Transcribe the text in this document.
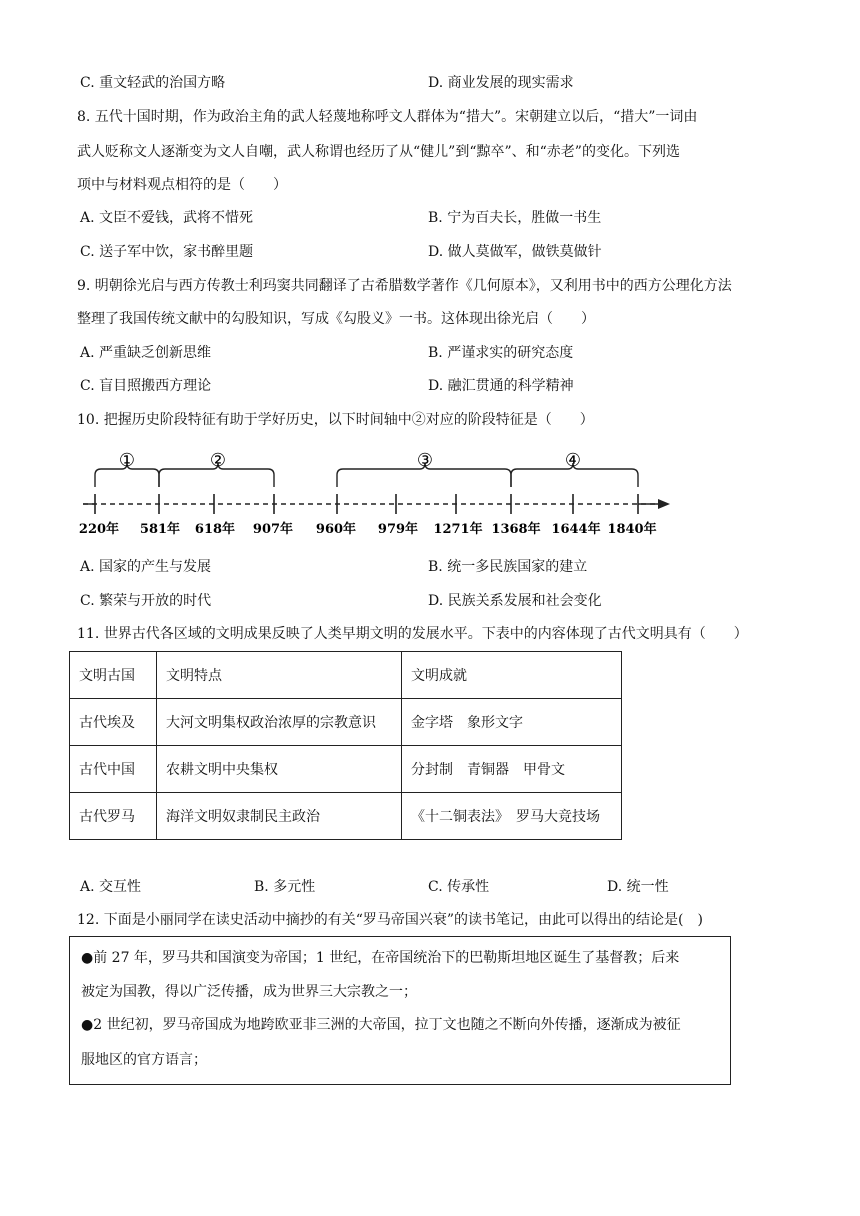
C. 重文轻武的治国方略	D. 商业发展的现实需求
8. 五代十国时期，作为政治主角的武人轻蔑地称呼文人群体为“措大”。宋朝建立以后，“措大”一词由
武人贬称文人逐渐变为文人自嘲，武人称谓也经历了从“健儿”到“黥卒”、和“赤老”的变化。下列选
项中与材料观点相符的是（　　）
A. 文臣不爱钱，武将不惜死	B. 宁为百夫长，胜做一书生
C. 送子军中饮，家书醉里题	D. 做人莫做军，做铁莫做针
9. 明朝徐光启与西方传教士利玛窦共同翻译了古希腊数学著作《几何原本》，又利用书中的西方公理化方法
整理了我国传统文献中的勾股知识，写成《勾股义》一书。这体现出徐光启（　　）
A. 严重缺乏创新思维	B. 严谨求实的研究态度
C. 盲目照搬西方理论	D. 融汇贯通的科学精神
10. 把握历史阶段特征有助于学好历史，以下时间轴中②对应的阶段特征是（　　）
①	②	③	④
220年 581年 618年 907年 960年 979年 1271年 1368年 1644年 1840年
A. 国家的产生与发展	B. 统一多民族国家的建立
C. 繁荣与开放的时代	D. 民族关系发展和社会变化
11. 世界古代各区域的文明成果反映了人类早期文明的发展水平。下表中的内容体现了古代文明具有（　　）
文明古国	文明特点	文明成就
古代埃及	大河文明集权政治浓厚的宗教意识	金字塔　象形文字
古代中国	农耕文明中央集权	分封制　青铜器　甲骨文
古代罗马	海洋文明奴隶制民主政治	《十二铜表法》　罗马大竞技场
A. 交互性	B. 多元性	C. 传承性	D. 统一性
12. 下面是小丽同学在读史活动中摘抄的有关“罗马帝国兴衰”的读书笔记，由此可以得出的结论是(　)
●前 27 年，罗马共和国演变为帝国；1 世纪，在帝国统治下的巴勒斯坦地区诞生了基督教；后来
被定为国教，得以广泛传播，成为世界三大宗教之一；
●2 世纪初，罗马帝国成为地跨欧亚非三洲的大帝国，拉丁文也随之不断向外传播，逐渐成为被征
服地区的官方语言；
